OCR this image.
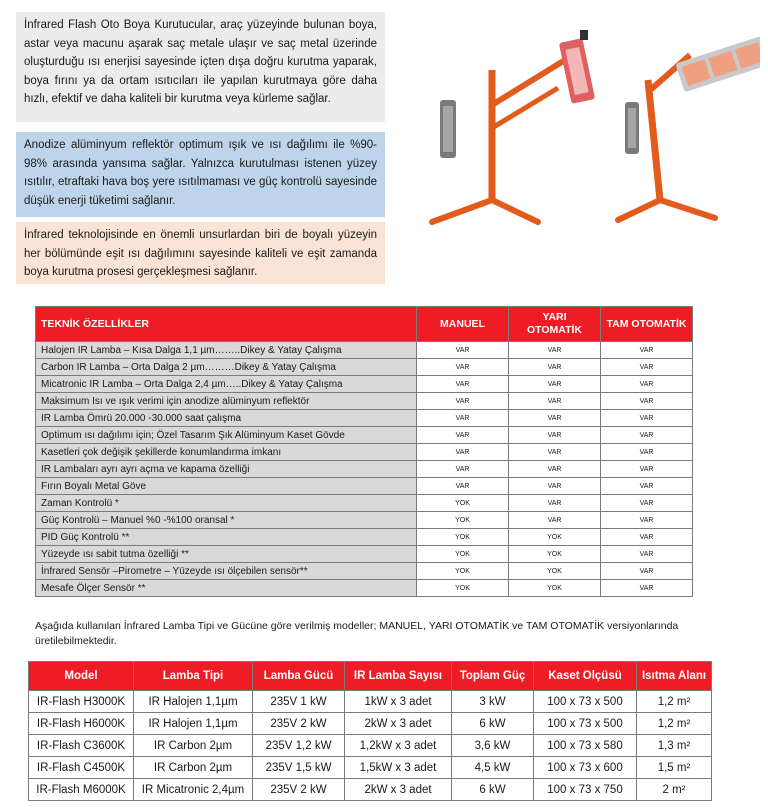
İnfrared Flash Oto Boya Kurutucular, araç yüzeyinde bulunan boya, astar veya macunu aşarak saç metale ulaşır ve saç metal üzerinde oluşturduğu ısı enerjisi sayesinde içten dışa doğru kurutma yaparak, boya fırını ya da ortam ısıtıcıları ile yapılan kurutmaya göre daha hızlı, efektif ve daha kaliteli bir kurutma veya kürleme sağlar.
Anodize alüminyum reflektör optimum ışık ve ısı dağılımı ile %90-98% arasında yansıma sağlar. Yalnızca kurutulması istenen yüzey ısıtılır, etraftaki hava boş yere ısıtılmaması ve güç kontrolü sayesinde düşük enerji tüketimi sağlanır.
İnfrared teknolojisinde en önemli unsurlardan biri de boyalı yüzeyin her bölümünde eşit ısı dağılımını sayesinde kaliteli ve eşit zamanda boya kurutma prosesi gerçekleşmesi sağlanır.
TEKNİK ÖZELLİKLER	MANUEL	YARI OTOMATİK	TAM OTOMATİK
Halojen IR Lamba – Kısa Dalga 1,1 µm……..Dikey & Yatay Çalışma	VAR	VAR	VAR
Carbon IR Lamba – Orta Dalga 2 µm………Dikey & Yatay Çalışma	VAR	VAR	VAR
Micatronic IR Lamba – Orta Dalga 2,4 µm…..Dikey & Yatay Çalışma	VAR	VAR	VAR
Maksimum Isı ve ışık verimi için anodize alüminyum reflektör	VAR	VAR	VAR
IR Lamba Ömrü 20.000 -30.000 saat çalışma	VAR	VAR	VAR
Optimum ısı dağılımı için; Özel Tasarım Şık Alüminyum Kaset Gövde	VAR	VAR	VAR
Kasetleri çok değişik şekillerde konumlandırma imkanı	VAR	VAR	VAR
IR Lambaları ayrı ayrı açma ve kapama özelliği	VAR	VAR	VAR
Fırın Boyalı Metal Göve	VAR	VAR	VAR
Zaman Kontrolü *	YOK	VAR	VAR
Güç Kontrolü – Manuel %0 -%100 oransal *	YOK	VAR	VAR
PID Güç Kontrolü **	YOK	YOK	VAR
Yüzeyde ısı sabit tutma özelliği **	YOK	YOK	VAR
İnfrared Sensör –Pirometre – Yüzeyde ısı ölçebilen sensör**	YOK	YOK	VAR
Mesafe Ölçer Sensör **	YOK	YOK	VAR
Aşağıda kullanılan İnfrared Lamba Tipi ve Gücüne göre verilmiş modeller; MANUEL, YARI OTOMATİK ve TAM OTOMATİK versiyonlarında üretilebilmektedir.
Model	Lamba Tipi	Lamba Gücü	IR Lamba Sayısı	Toplam Güç	Kaset Olçüsü	Isıtma Alanı
IR-Flash H3000K	IR Halojen 1,1µm	235V 1 kW	1kW x 3 adet	3 kW	100 x 73 x 500	1,2 m²
IR-Flash H6000K	IR Halojen 1,1µm	235V 2 kW	2kW x 3 adet	6 kW	100 x 73 x 500	1,2 m²
IR-Flash C3600K	IR Carbon 2µm	235V 1,2 kW	1,2kW x 3 adet	3,6 kW	100 x 73 x 580	1,3 m²
IR-Flash C4500K	IR Carbon 2µm	235V 1,5 kW	1,5kW x 3 adet	4,5 kW	100 x 73 x 600	1,5 m²
IR-Flash M6000K	IR Micatronic 2,4µm	235V 2 kW	2kW x 3 adet	6 kW	100 x 73 x 750	2 m²
